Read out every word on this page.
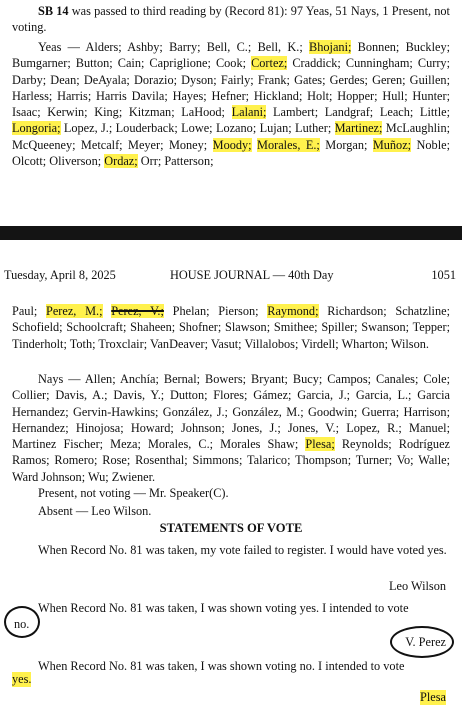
SB 14 was passed to third reading by (Record 81): 97 Yeas, 51 Nays, 1 Present, not voting.

Yeas — Alders; Ashby; Barry; Bell, C.; Bell, K.; Bhojani; Bonnen; Buckley; Bumgarner; Button; Cain; Capriglione; Cook; Cortez; Craddick; Cunningham; Curry; Darby; Dean; DeAyala; Dorazio; Dyson; Fairly; Frank; Gates; Gerdes; Geren; Guillen; Harless; Harris; Harris Davila; Hayes; Hefner; Hickland; Holt; Hopper; Hull; Hunter; Isaac; Kerwin; King; Kitzman; LaHood; Lalani; Lambert; Landgraf; Leach; Little; Longoria; Lopez, J.; Louderback; Lowe; Lozano; Lujan; Luther; Martinez; McLaughlin; McQueeney; Metcalf; Meyer; Money; Moody; Morales, E.; Morgan; Muñoz; Noble; Olcott; Oliverson; Ordaz; Orr; Patterson;

Tuesday, April 8, 2025	HOUSE JOURNAL — 40th Day	1051

Paul; Perez, M.; Perez, V.; Phelan; Pierson; Raymond; Richardson; Schatzline; Schofield; Schoolcraft; Shaheen; Shofner; Slawson; Smithee; Spiller; Swanson; Tepper; Tinderholt; Toth; Troxclair; VanDeaver; Vasut; Villalobos; Virdell; Wharton; Wilson.

Nays — Allen; Anchía; Bernal; Bowers; Bryant; Bucy; Campos; Canales; Cole; Collier; Davis, A.; Davis, Y.; Dutton; Flores; Gámez; Garcia, J.; Garcia, L.; Garcia Hernandez; Gervin-Hawkins; González, J.; González, M.; Goodwin; Guerra; Harrison; Hernandez; Hinojosa; Howard; Johnson; Jones, J.; Jones, V.; Lopez, R.; Manuel; Martinez Fischer; Meza; Morales, C.; Morales Shaw; Plesa; Reynolds; Rodríguez Ramos; Romero; Rose; Rosenthal; Simmons; Talarico; Thompson; Turner; Vo; Walle; Ward Johnson; Wu; Zwiener.

Present, not voting — Mr. Speaker(C).

Absent — Leo Wilson.

STATEMENTS OF VOTE

When Record No. 81 was taken, my vote failed to register. I would have voted yes.

Leo Wilson

When Record No. 81 was taken, I was shown voting yes. I intended to vote

no.
V. Perez

When Record No. 81 was taken, I was shown voting no. I intended to vote

yes.
Plesa
